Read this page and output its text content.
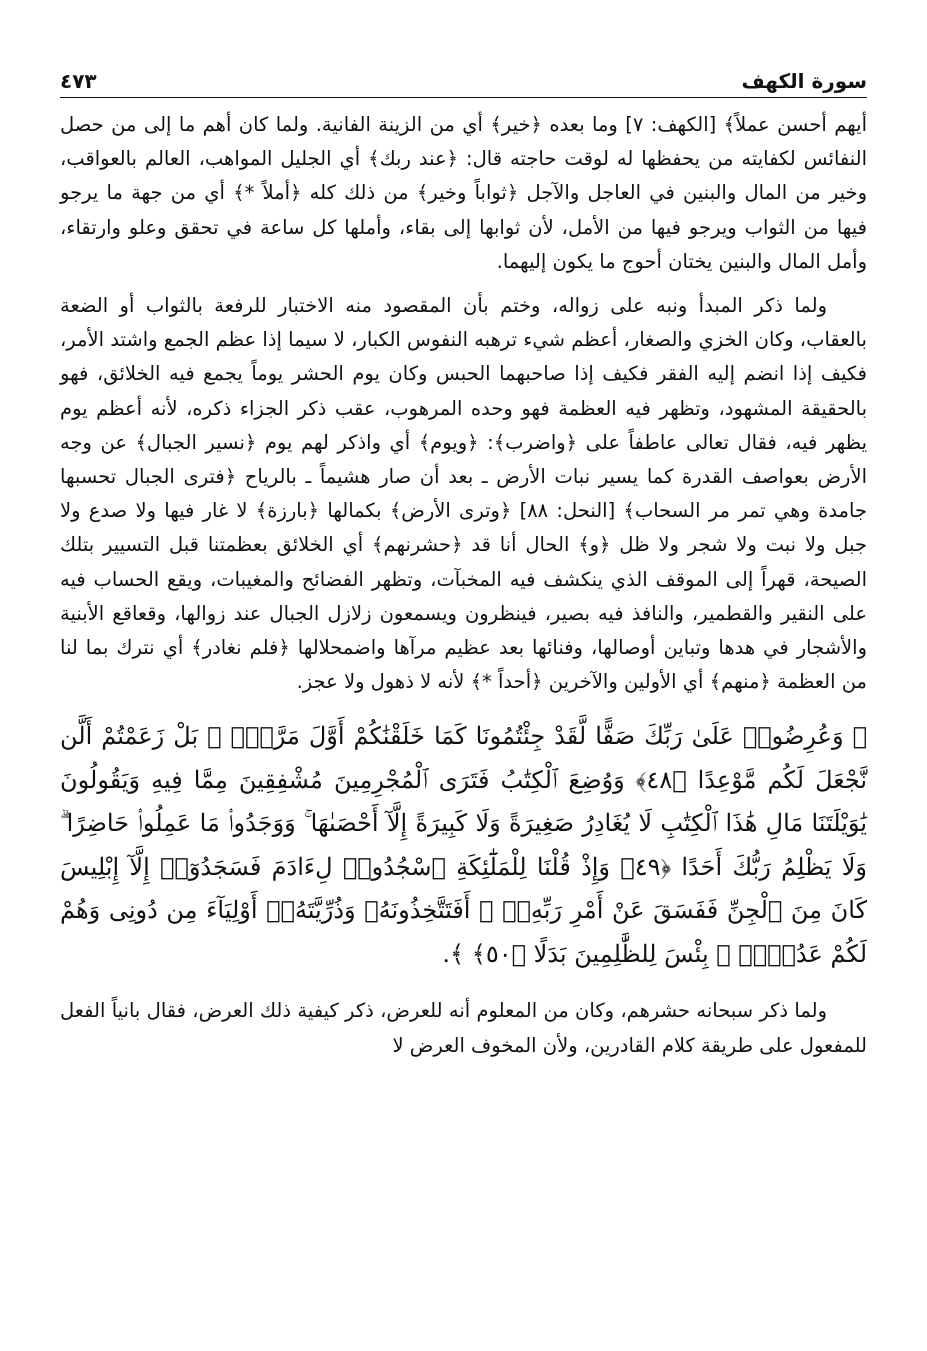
سورة الكهف
٤٧٣

أيهم أحسن عملاً﴾ [الكهف: ٧] وما بعده ﴿خير﴾ أي من الزينة الفانية. ولما كان أهم ما إلى من حصل النفائس لكفايته من يحفظها له لوقت حاجته قال: ﴿عند ربك﴾ أي الجليل المواهب، العالم بالعواقب، وخير من المال والبنين في العاجل والآجل ﴿ثواباً وخير﴾ من ذلك كله ﴿أملاً *﴾ أي من جهة ما يرجو فيها من الثواب ويرجو فيها من الأمل، لأن ثوابها إلى بقاء، وأملها كل ساعة في تحقق وعلو وارتقاء، وأمل المال والبنين يختان أحوج ما يكون إليهما.

ولما ذكر المبدأ ونبه على زواله، وختم بأن المقصود منه الاختبار للرفعة بالثواب أو الضعة بالعقاب، وكان الخزي والصغار، أعظم شيء ترهبه النفوس الكبار، لا سيما إذا عظم الجمع واشتد الأمر، فكيف إذا انضم إليه الفقر فكيف إذا صاحبهما الحبس وكان يوم الحشر يوماً يجمع فيه الخلائق، فهو بالحقيقة المشهود، وتظهر فيه العظمة فهو وحده المرهوب، عقب ذكر الجزاء ذكره، لأنه أعظم يوم يظهر فيه، فقال تعالى عاطفاً على ﴿واضرب﴾: ﴿ويوم﴾ أي واذكر لهم يوم ﴿نسير الجبال﴾ عن وجه الأرض بعواصف القدرة كما يسير نبات الأرض ـ بعد أن صار هشيماً ـ بالرياح ﴿فترى الجبال تحسبها جامدة وهي تمر مر السحاب﴾ [النحل: ٨٨] ﴿وترى الأرض﴾ بكمالها ﴿بارزة﴾ لا غار فيها ولا صدع ولا جبل ولا نبت ولا شجر ولا ظل ﴿و﴾ الحال أنا قد ﴿حشرنهم﴾ أي الخلائق بعظمتنا قبل التسيير بتلك الصيحة، قهراً إلى الموقف الذي ينكشف فيه المخبآت، وتظهر الفضائح والمغيبات، ويقع الحساب فيه على النقير والقطمير، والنافذ فيه بصير، فينظرون ويسمعون زلازل الجبال عند زوالها، وقعاقع الأبنية والأشجار في هدها وتباين أوصالها، وفنائها بعد عظيم مرآها واضمحلالها ﴿فلم نغادر﴾ أي نترك بما لنا من العظمة ﴿منهم﴾ أي الأولين والآخرين ﴿أحداً *﴾ لأنه لا ذهول ولا عجز.

﴿ وَعُرِضُوا۟ عَلَىٰ رَبِّكَ صَفًّا لَّقَدْ جِئْتُمُونَا كَمَا خَلَقْنَٰكُمْ أَوَّلَ مَرَّةٍۭ ۚ بَلْ زَعَمْتُمْ أَلَّن نَّجْعَلَ لَكُم مَّوْعِدًا ﴿٤٨﴾ وَوُضِعَ ٱلْكِتَٰبُ فَتَرَى ٱلْمُجْرِمِينَ مُشْفِقِينَ مِمَّا فِيهِ وَيَقُولُونَ يَٰوَيْلَتَنَا مَالِ هَٰذَا ٱلْكِتَٰبِ لَا يُغَادِرُ صَغِيرَةً وَلَا كَبِيرَةً إِلَّآ أَحْصَىٰهَا ۚ وَوَجَدُوا۟ مَا عَمِلُوا۟ حَاضِرًا ۗ وَلَا يَظْلِمُ رَبُّكَ أَحَدًا ﴿٤٩﴾ وَإِذْ قُلْنَا لِلْمَلَٰٓئِكَةِ ٱسْجُدُوا۟ لِءَادَمَ فَسَجَدُوٓا۟ إِلَّآ إِبْلِيسَ كَانَ مِنَ ٱلْجِنِّ فَفَسَقَ عَنْ أَمْرِ رَبِّهِۦٓ ۗ أَفَتَتَّخِذُونَهُۥ وَذُرِّيَّتَهُۥٓ أَوْلِيَآءَ مِن دُونِى وَهُمْ لَكُمْ عَدُوٌّۢ ۚ بِئْسَ لِلظَّٰلِمِينَ بَدَلًا ﴿٥٠﴾ ﴾.

ولما ذكر سبحانه حشرهم، وكان من المعلوم أنه للعرض، ذكر كيفية ذلك العرض، فقال بانياً الفعل للمفعول على طريقة كلام القادرين، ولأن المخوف العرض لا
